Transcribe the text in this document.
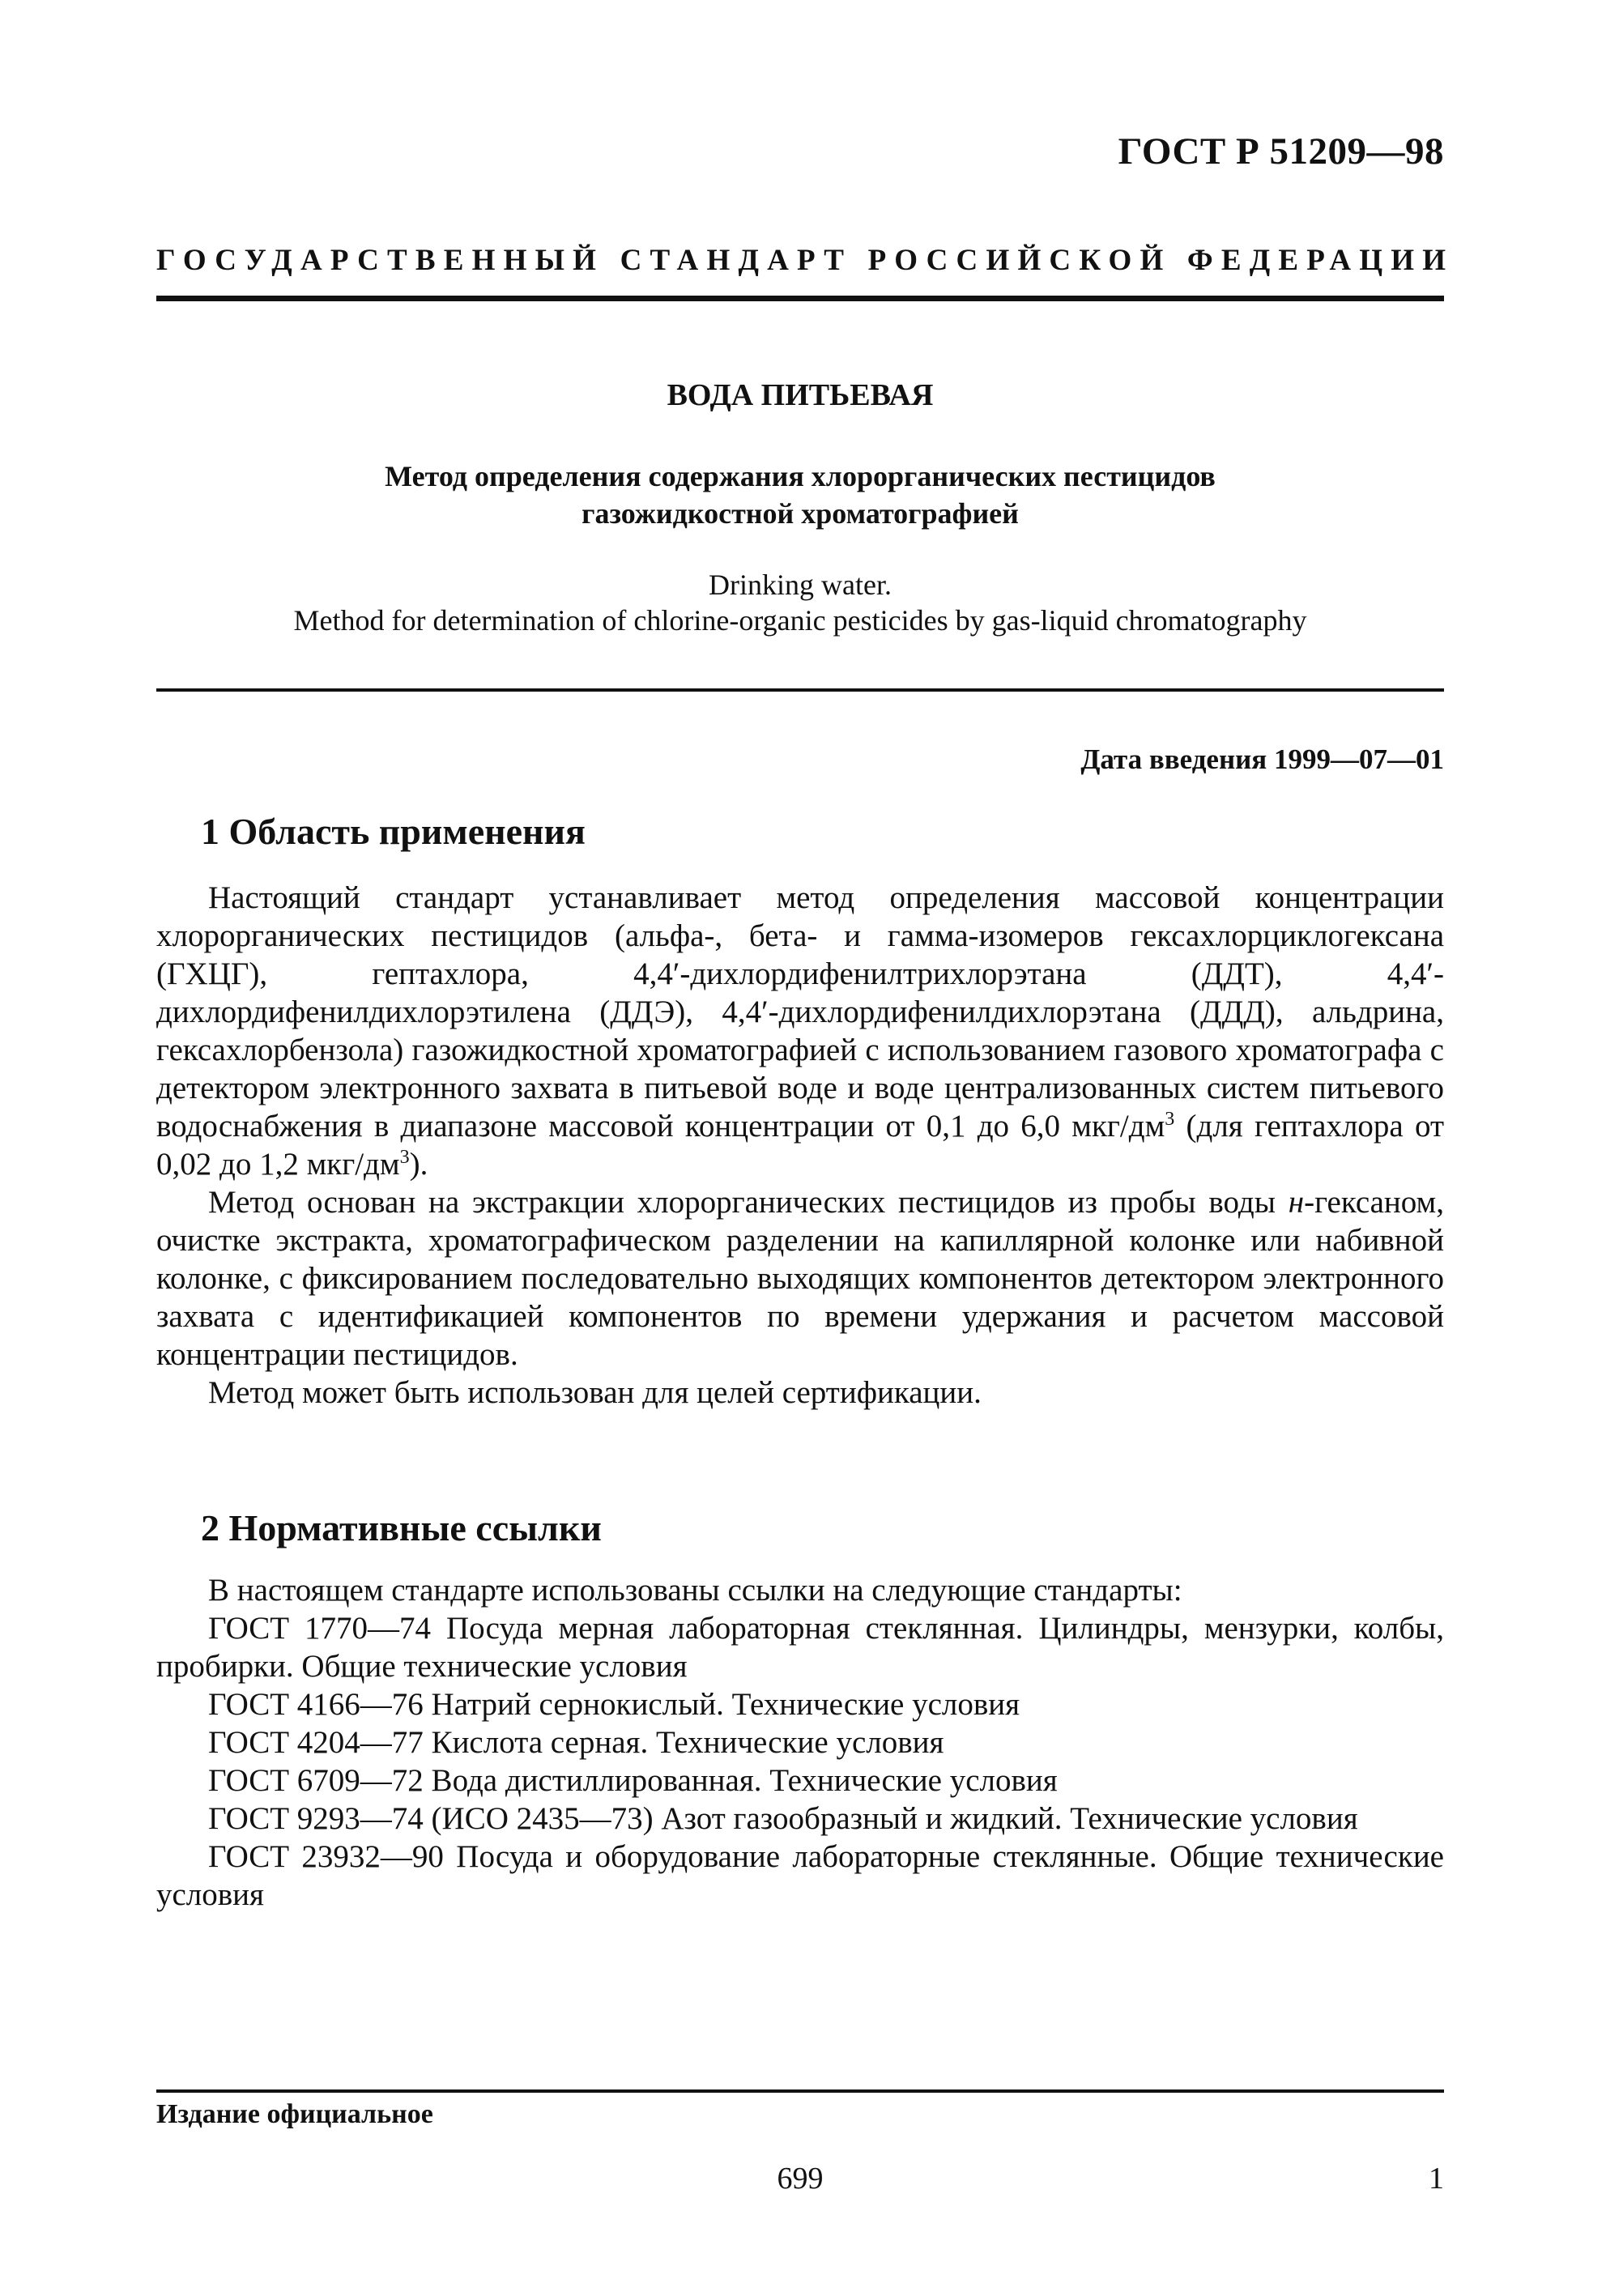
ГОСТ Р 51209—98
ГОСУДАРСТВЕННЫЙ СТАНДАРТ РОССИЙСКОЙ ФЕДЕРАЦИИ
ВОДА ПИТЬЕВАЯ
Метод определения содержания хлорорганических пестицидов
газожидкостной хроматографией
Drinking water.
Method for determination of chlorine-organic pesticides by gas-liquid chromatography
Дата введения 1999—07—01
1 Область применения

Настоящий стандарт устанавливает метод определения массовой концентрации хлорорганических пестицидов (альфа-, бета- и гамма-изомеров гексахлорциклогексана (ГХЦГ), гептахлора, 4,4′-дихлордифенилтрихлорэтана (ДДТ), 4,4′-дихлордифенилдихлорэтилена (ДДЭ), 4,4′-дихлордифенилдихлорэтана (ДДД), альдрина, гексахлорбензола) газожидкостной хроматографией с использованием газового хроматографа с детектором электронного захвата в питьевой воде и воде централизованных систем питьевого водоснабжения в диапазоне массовой концентрации от 0,1 до 6,0 мкг/$дм^3$ (для гептахлора от 0,02 до 1,2 мкг/$дм^3$).

Метод основан на экстракции хлорорганических пестицидов из пробы воды н-гексаном, очистке экстракта, хроматографическом разделении на капиллярной колонке или набивной колонке, с фиксированием последовательно выходящих компонентов детектором электронного захвата с идентификацией компонентов по времени удержания и расчетом массовой концентрации пестицидов.

Метод может быть использован для целей сертификации.

2 Нормативные ссылки

В настоящем стандарте использованы ссылки на следующие стандарты:

ГОСТ 1770—74 Посуда мерная лабораторная стеклянная. Цилиндры, мензурки, колбы, пробирки. Общие технические условия

ГОСТ 4166—76 Натрий сернокислый. Технические условия

ГОСТ 4204—77 Кислота серная. Технические условия

ГОСТ 6709—72 Вода дистиллированная. Технические условия

ГОСТ 9293—74 (ИСО 2435—73) Азот газообразный и жидкий. Технические условия

ГОСТ 23932—90 Посуда и оборудование лабораторные стеклянные. Общие технические условия

Издание официальное
699	1
